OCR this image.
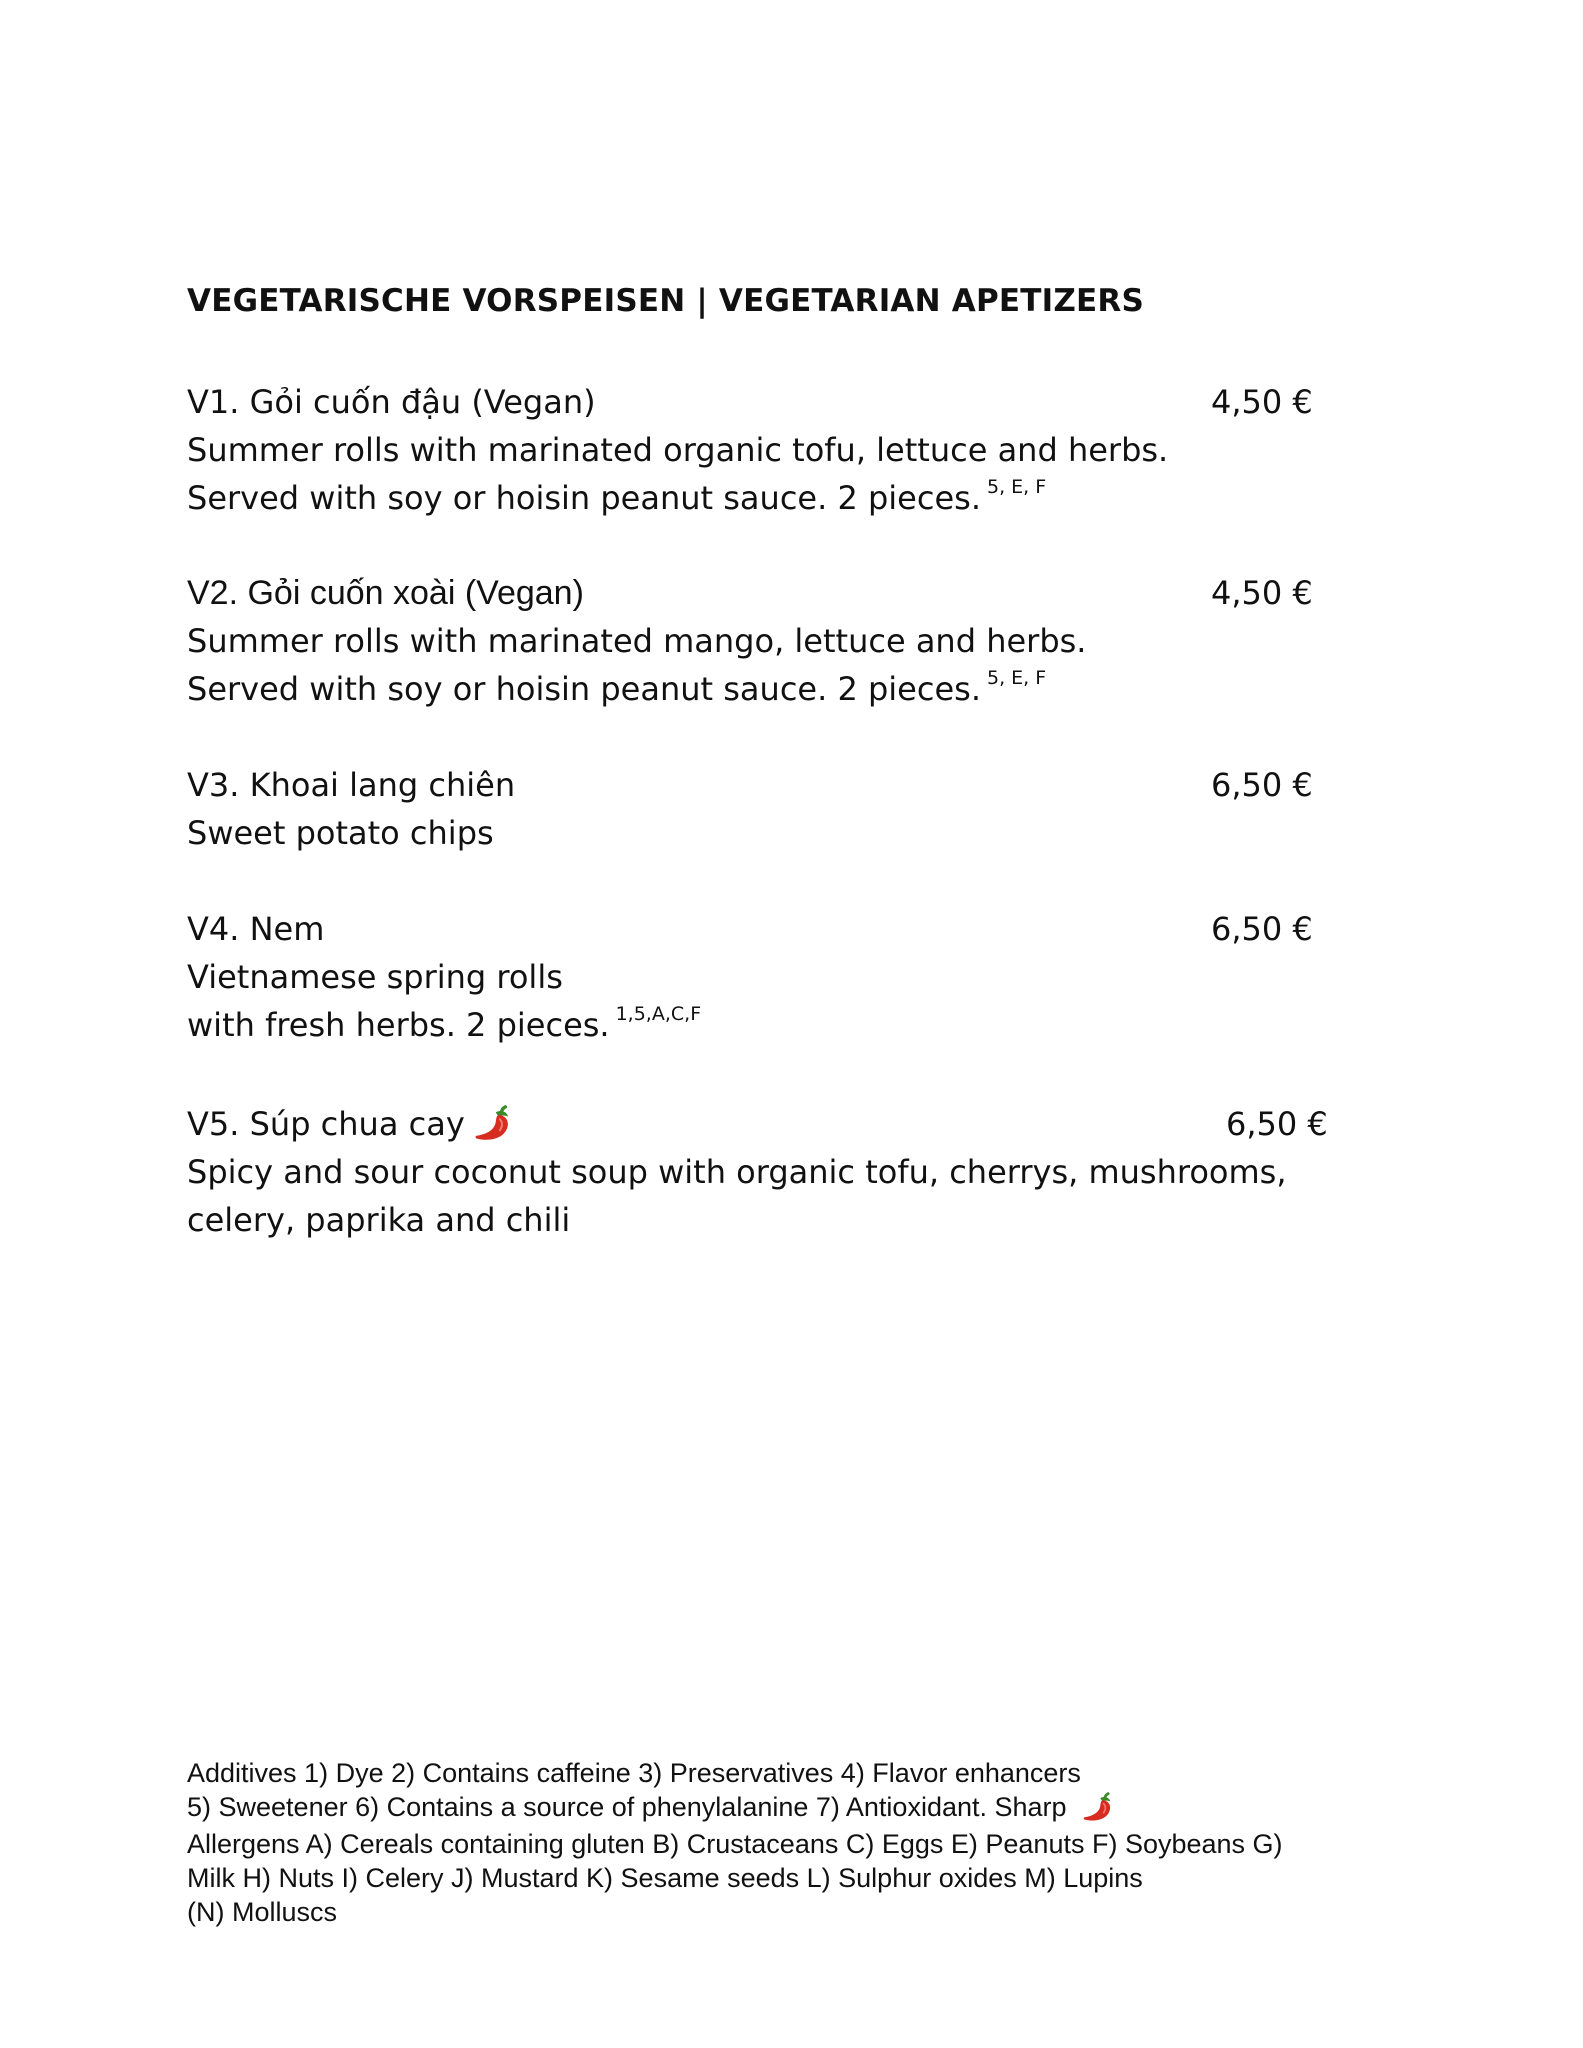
VEGETARISCHE VORSPEISEN | VEGETARIAN APETIZERS
V1. Gỏi cuốn đậu (Vegan)	4,50 €
Summer rolls with marinated organic tofu, lettuce and herbs.
Served with soy or hoisin peanut sauce. 2 pieces. $^{5, E, F}$
V2. Gỏi cuốn xoài (Vegan)	4,50 €
Summer rolls with marinated mango, lettuce and herbs.
Served with soy or hoisin peanut sauce. 2 pieces. $^{5, E, F}$
V3. Khoai lang chiên	6,50 €
Sweet potato chips
V4. Nem	6,50 €
Vietnamese spring rolls
with fresh herbs. 2 pieces. $^{1,5,A,C,F}$
V5. Súp chua cay	6,50 €
Spicy and sour coconut soup with organic tofu, cherrys, mushrooms, celery, paprika and chili
Additives 1) Dye 2) Contains caffeine 3) Preservatives 4) Flavor enhancers
5) Sweetener 6) Contains a source of phenylalanine 7) Antioxidant. Sharp
Allergens A) Cereals containing gluten B) Crustaceans C) Eggs E) Peanuts F) Soybeans G)
Milk H) Nuts I) Celery J) Mustard K) Sesame seeds L) Sulphur oxides M) Lupins
(N) Molluscs
